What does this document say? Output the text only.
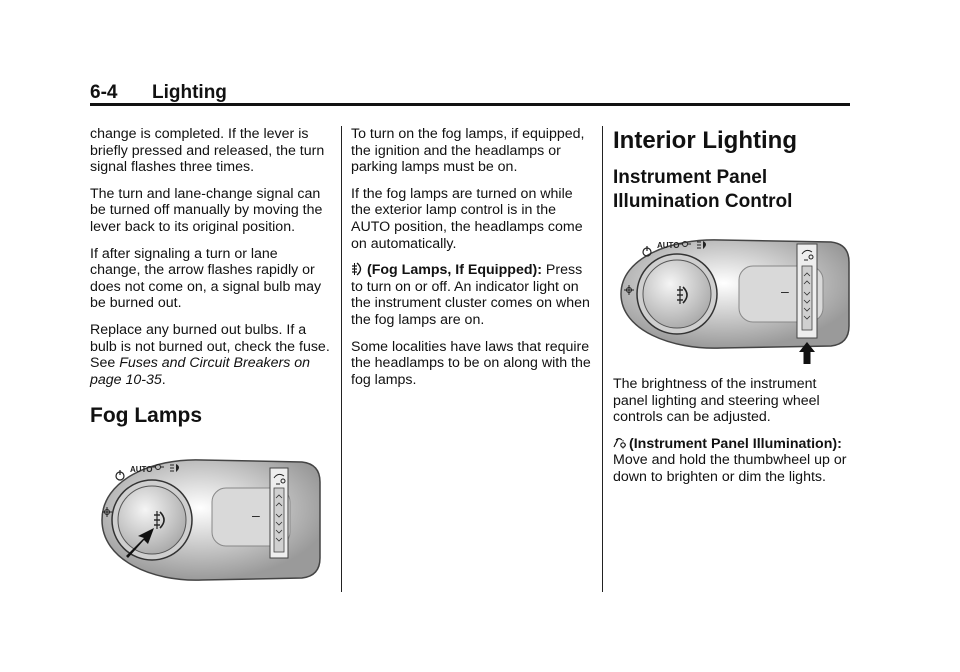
6-4 Lighting

change is completed. If the lever is briefly pressed and released, the turn signal flashes three times.

The turn and lane-change signal can be turned off manually by moving the lever back to its original position.

If after signaling a turn or lane change, the arrow flashes rapidly or does not come on, a signal bulb may be burned out.

Replace any burned out bulbs. If a bulb is not burned out, check the fuse. See Fuses and Circuit Breakers on page 10-35.

Fog Lamps
AUTO
–

To turn on the fog lamps, if equipped, the ignition and the headlamps or parking lamps must be on.

If the fog lamps are turned on while the exterior lamp control is in the AUTO position, the headlamps come on automatically.

(Fog Lamps, If Equipped): Press to turn on or off. An indicator light on the instrument cluster comes on when the fog lamps are on.

Some localities have laws that require the headlamps to be on along with the fog lamps.

Interior Lighting
Instrument Panel Illumination Control
AUTO
–

The brightness of the instrument panel lighting and steering wheel controls can be adjusted.

(Instrument Panel Illumination): Move and hold the thumbwheel up or down to brighten or dim the lights.
